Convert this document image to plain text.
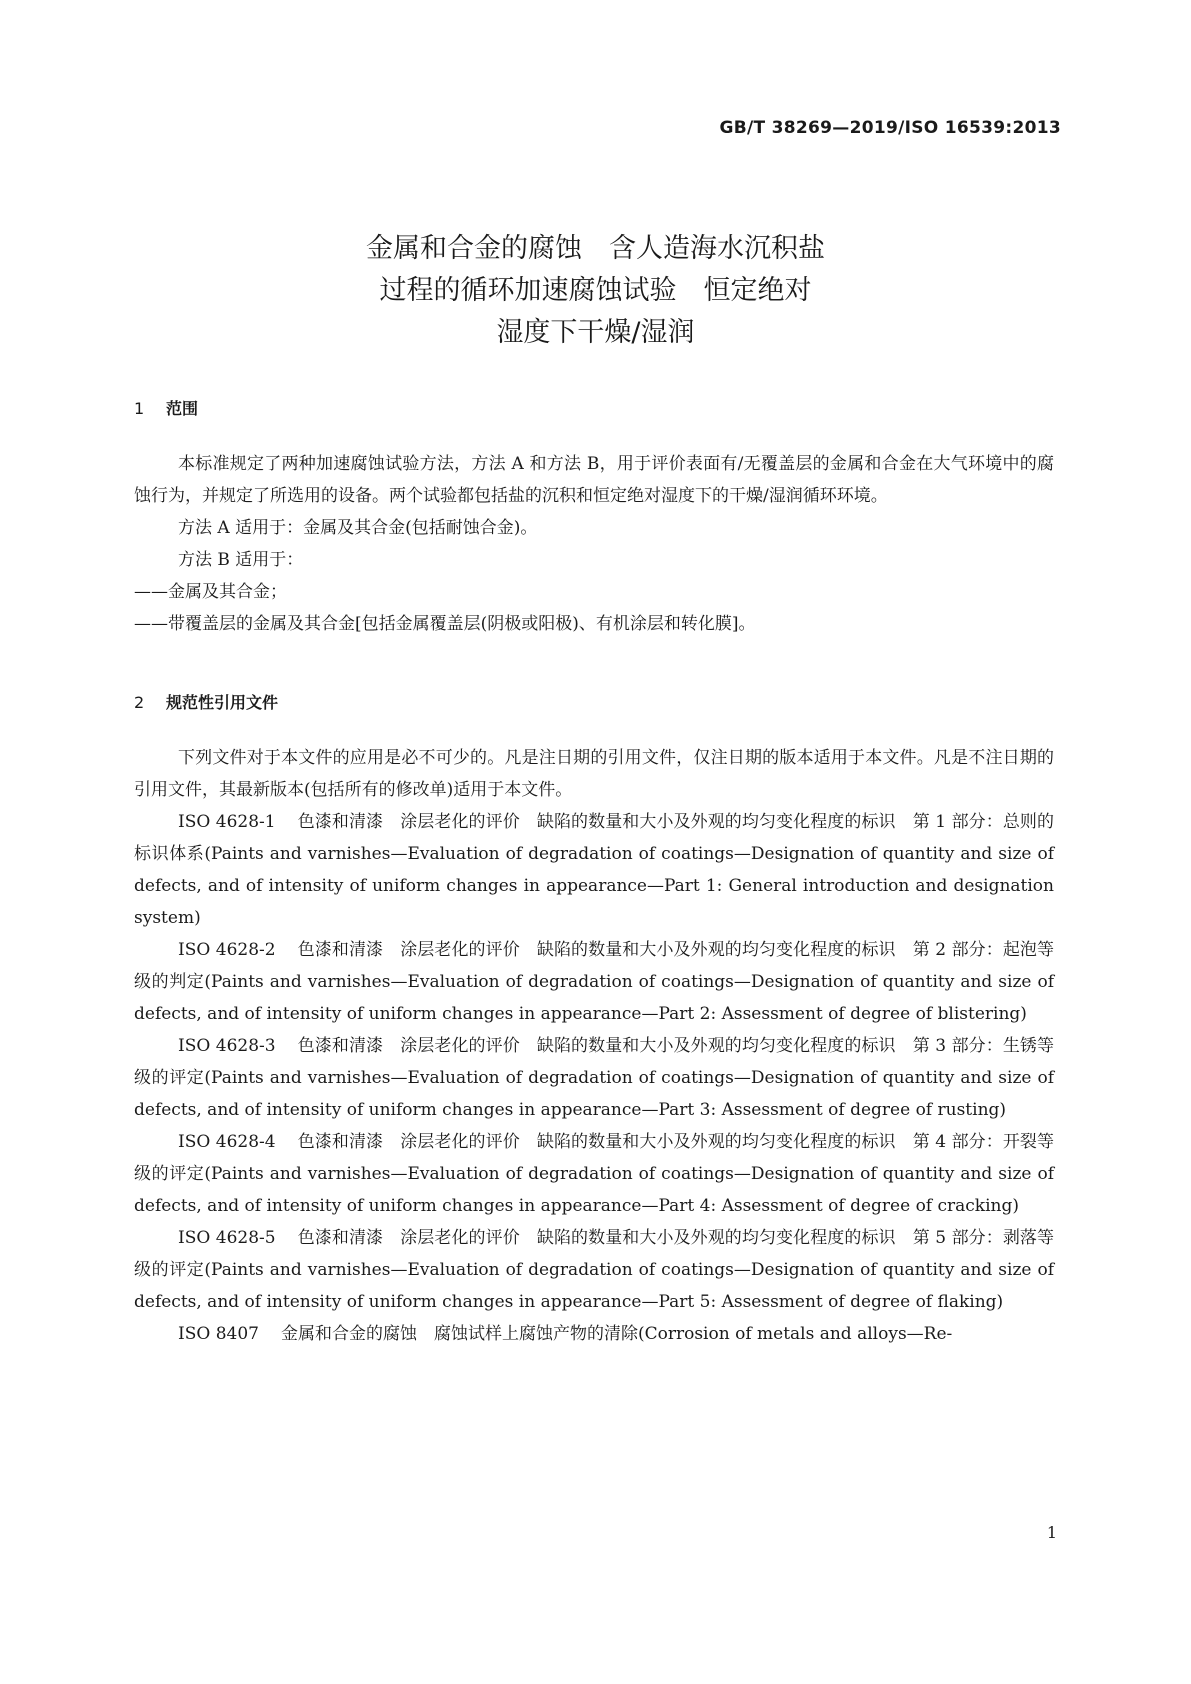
GB/T 38269—2019/ISO 16539:2013
金属和合金的腐蚀　含人造海水沉积盐
过程的循环加速腐蚀试验　恒定绝对
湿度下干燥/湿润
1 范围

本标准规定了两种加速腐蚀试验方法，方法 A 和方法 B，用于评价表面有/无覆盖层的金属和合金在大气环境中的腐蚀行为，并规定了所选用的设备。两个试验都包括盐的沉积和恒定绝对湿度下的干燥/湿润循环环境。

方法 A 适用于：金属及其合金(包括耐蚀合金)。

方法 B 适用于：

——金属及其合金；

——带覆盖层的金属及其合金[包括金属覆盖层(阴极或阳极)、有机涂层和转化膜]。

2 规范性引用文件

下列文件对于本文件的应用是必不可少的。凡是注日期的引用文件，仅注日期的版本适用于本文件。凡是不注日期的引用文件，其最新版本(包括所有的修改单)适用于本文件。

ISO 4628-1 色漆和清漆　涂层老化的评价　缺陷的数量和大小及外观的均匀变化程度的标识　第 1 部分：总则的标识体系(Paints and varnishes—Evaluation of degradation of coatings—Designation of quantity and size of defects, and of intensity of uniform changes in appearance—Part 1: General introduction and designation system)

ISO 4628-2 色漆和清漆　涂层老化的评价　缺陷的数量和大小及外观的均匀变化程度的标识　第 2 部分：起泡等级的判定(Paints and varnishes—Evaluation of degradation of coatings—Designation of quantity and size of defects, and of intensity of uniform changes in appearance—Part 2: Assessment of degree of blistering)

ISO 4628-3 色漆和清漆　涂层老化的评价　缺陷的数量和大小及外观的均匀变化程度的标识　第 3 部分：生锈等级的评定(Paints and varnishes—Evaluation of degradation of coatings—Designation of quantity and size of defects, and of intensity of uniform changes in appearance—Part 3: Assessment of degree of rusting)

ISO 4628-4 色漆和清漆　涂层老化的评价　缺陷的数量和大小及外观的均匀变化程度的标识　第 4 部分：开裂等级的评定(Paints and varnishes—Evaluation of degradation of coatings—Designation of quantity and size of defects, and of intensity of uniform changes in appearance—Part 4: Assessment of degree of cracking)

ISO 4628-5 色漆和清漆　涂层老化的评价　缺陷的数量和大小及外观的均匀变化程度的标识　第 5 部分：剥落等级的评定(Paints and varnishes—Evaluation of degradation of coatings—Designation of quantity and size of defects, and of intensity of uniform changes in appearance—Part 5: Assessment of degree of flaking)

ISO 8407 金属和合金的腐蚀　腐蚀试样上腐蚀产物的清除(Corrosion of metals and alloys—Re-

1
